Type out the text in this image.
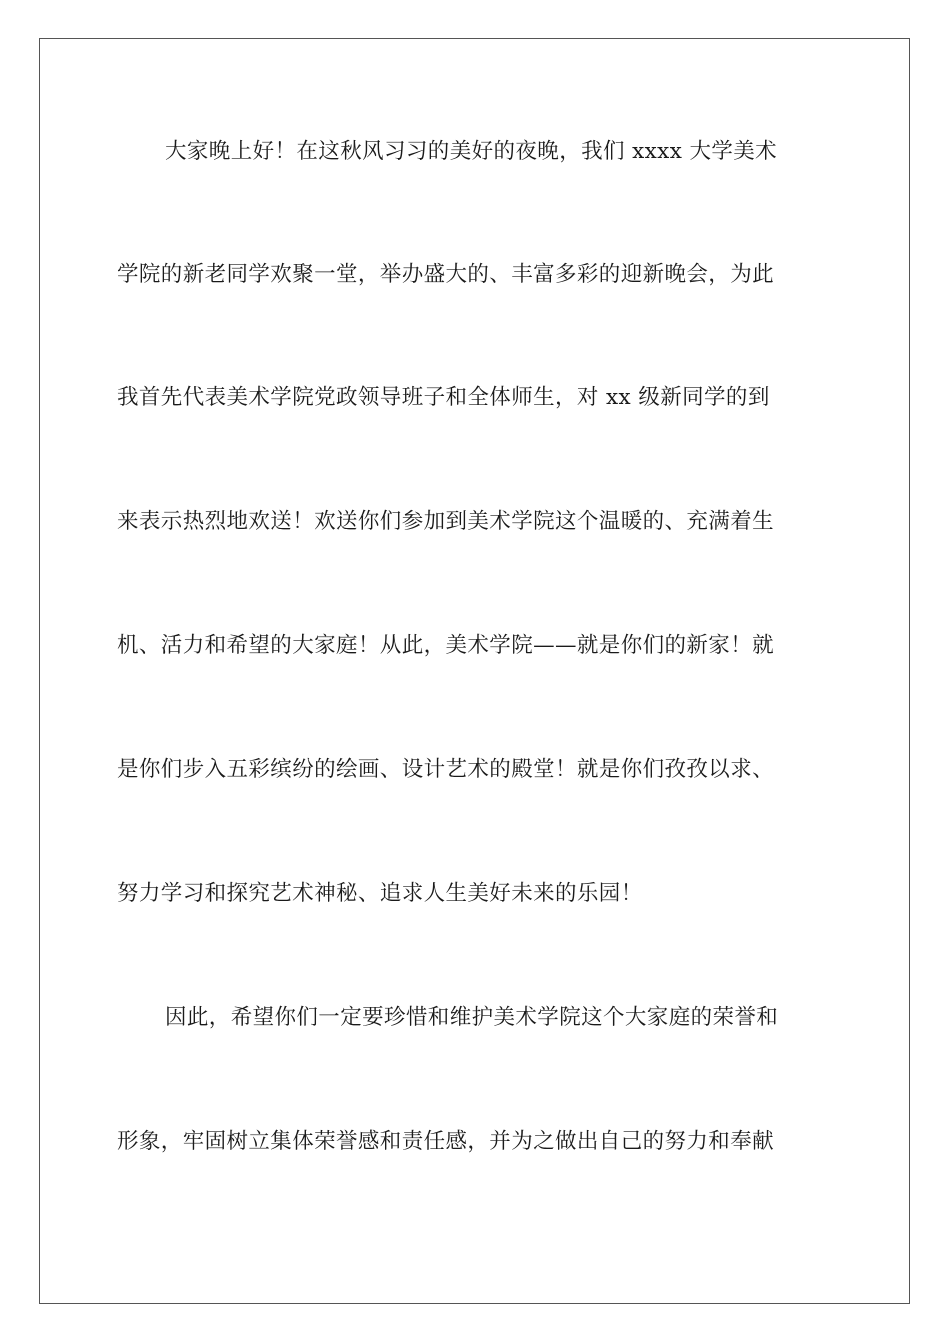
大家晚上好！在这秋风习习的美好的夜晚，我们 xxxx 大学美术
学院的新老同学欢聚一堂，举办盛大的、丰富多彩的迎新晚会，为此
我首先代表美术学院党政领导班子和全体师生，对 xx 级新同学的到
来表示热烈地欢送！欢送你们参加到美术学院这个温暖的、充满着生
机、活力和希望的大家庭！从此，美术学院——就是你们的新家！就
是你们步入五彩缤纷的绘画、设计艺术的殿堂！就是你们孜孜以求、
努力学习和探究艺术神秘、追求人生美好未来的乐园！
因此，希望你们一定要珍惜和维护美术学院这个大家庭的荣誉和
形象，牢固树立集体荣誉感和责任感，并为之做出自己的努力和奉献
